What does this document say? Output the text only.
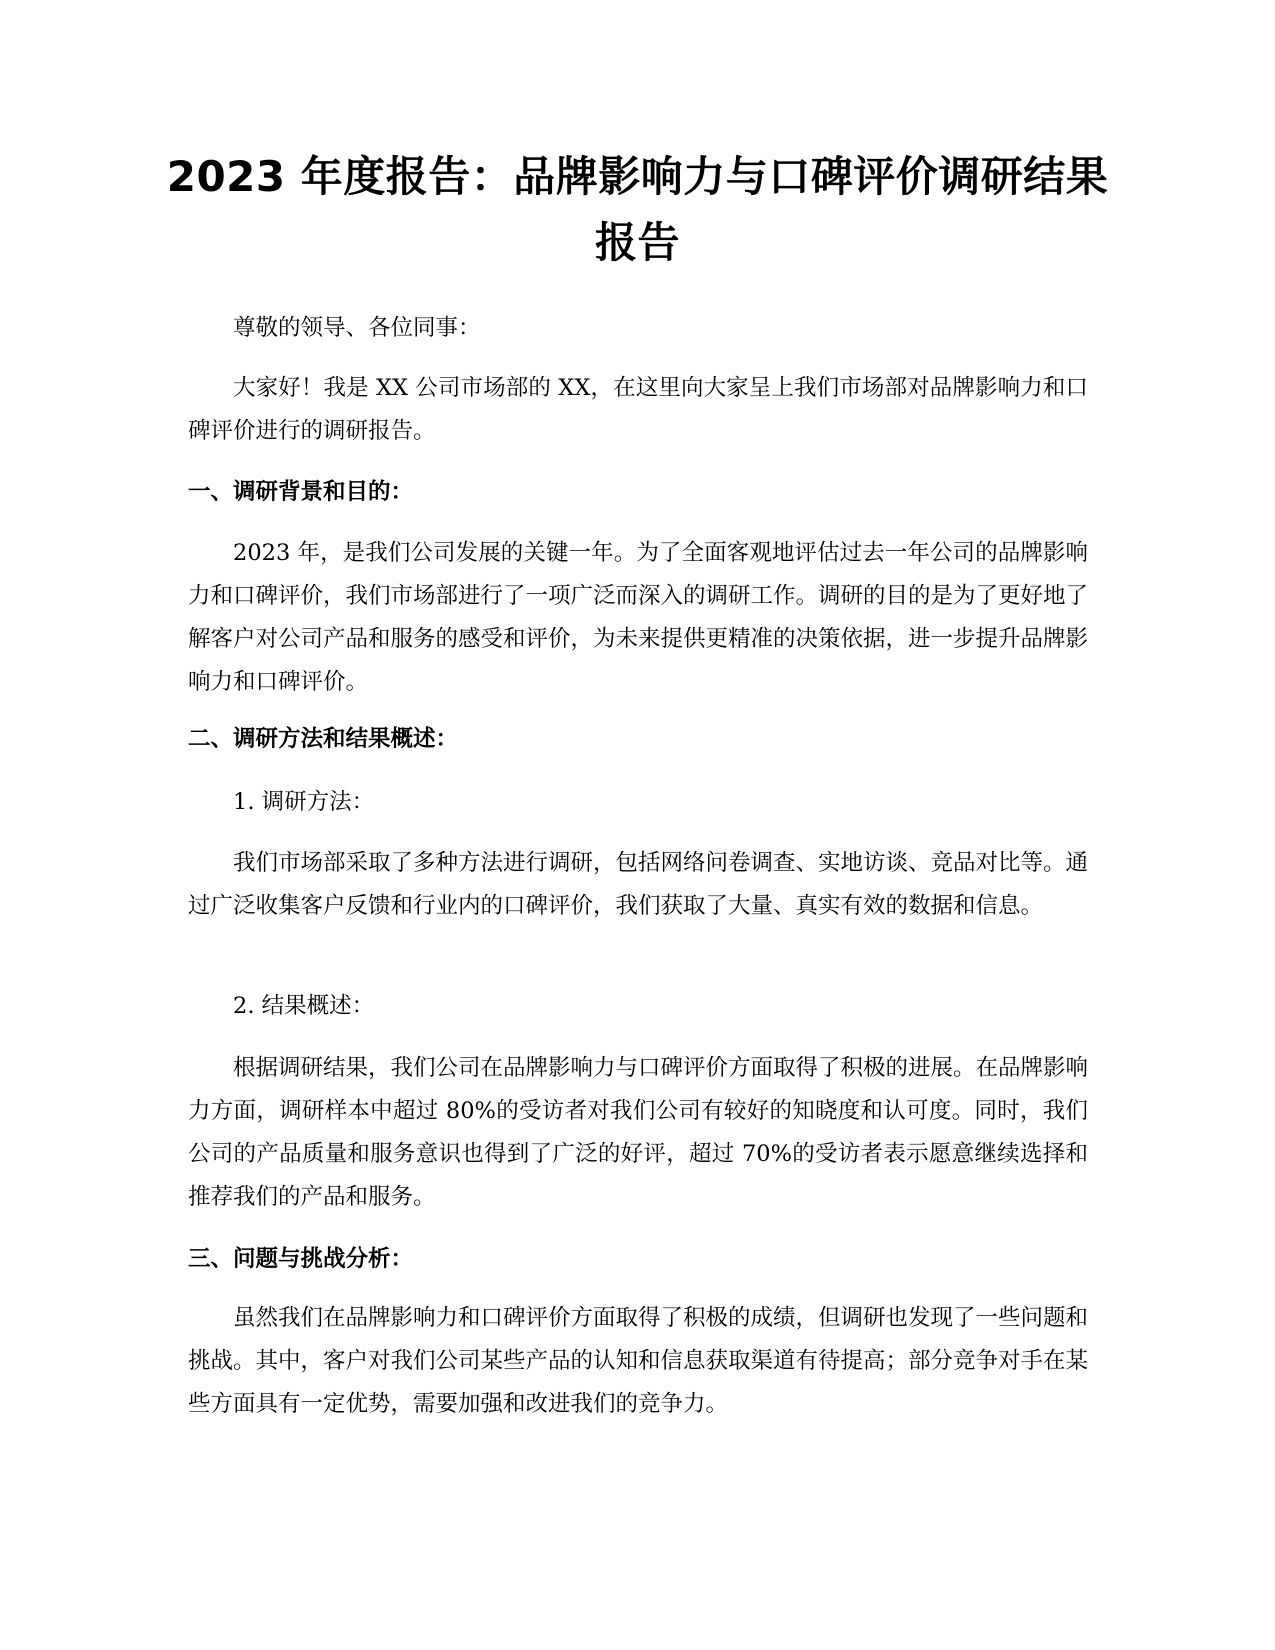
2023 年度报告：品牌影响力与口碑评价调研结果报告

尊敬的领导、各位同事：

大家好！我是 XX 公司市场部的 XX，在这里向大家呈上我们市场部对品牌影响力和口碑评价进行的调研报告。

一、调研背景和目的：

2023 年，是我们公司发展的关键一年。为了全面客观地评估过去一年公司的品牌影响力和口碑评价，我们市场部进行了一项广泛而深入的调研工作。调研的目的是为了更好地了解客户对公司产品和服务的感受和评价，为未来提供更精准的决策依据，进一步提升品牌影响力和口碑评价。

二、调研方法和结果概述：

1. 调研方法：

我们市场部采取了多种方法进行调研，包括网络问卷调查、实地访谈、竞品对比等。通过广泛收集客户反馈和行业内的口碑评价，我们获取了大量、真实有效的数据和信息。

2. 结果概述：

根据调研结果，我们公司在品牌影响力与口碑评价方面取得了积极的进展。在品牌影响力方面，调研样本中超过 80%的受访者对我们公司有较好的知晓度和认可度。同时，我们公司的产品质量和服务意识也得到了广泛的好评，超过 70%的受访者表示愿意继续选择和推荐我们的产品和服务。

三、问题与挑战分析：

虽然我们在品牌影响力和口碑评价方面取得了积极的成绩，但调研也发现了一些问题和挑战。其中，客户对我们公司某些产品的认知和信息获取渠道有待提高；部分竞争对手在某些方面具有一定优势，需要加强和改进我们的竞争力。
